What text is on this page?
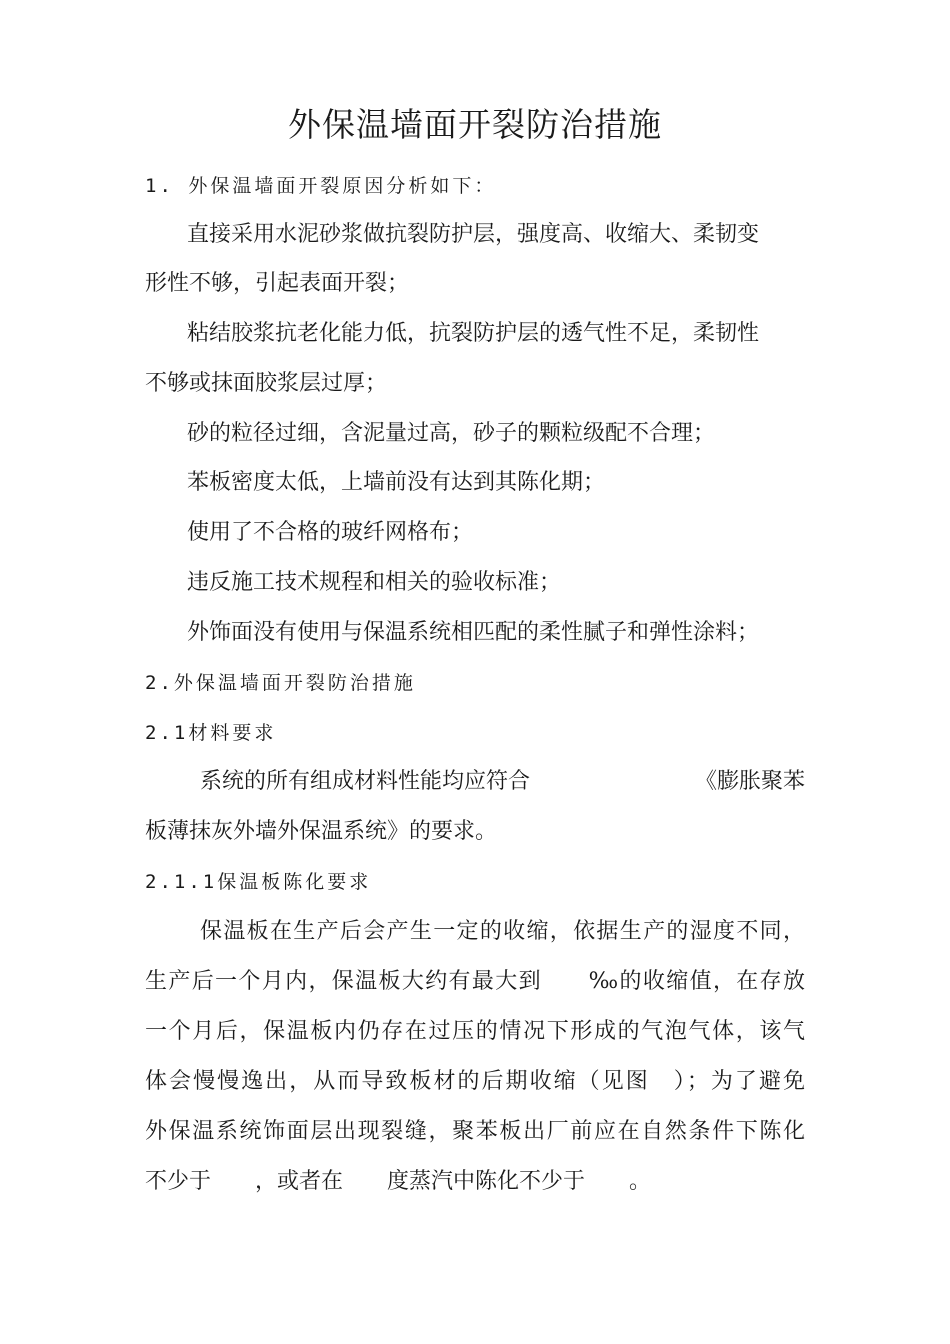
外保温墙面开裂防治措施
1. 外保温墙面开裂原因分析如下：
直接采用水泥砂浆做抗裂防护层，强度高、收缩大、柔韧变
形性不够，引起表面开裂；
粘结胶浆抗老化能力低，抗裂防护层的透气性不足，柔韧性
不够或抹面胶浆层过厚；
砂的粒径过细，含泥量过高，砂子的颗粒级配不合理；
苯板密度太低，上墙前没有达到其陈化期；
使用了不合格的玻纤网格布；
违反施工技术规程和相关的验收标准；
外饰面没有使用与保温系统相匹配的柔性腻子和弹性涂料；
2.外保温墙面开裂防治措施
2.1材料要求
系统的所有组成材料性能均应符合	《膨胀聚苯
板薄抹灰外墙外保温系统》的要求。
2.1.1保温板陈化要求
保温板在生产后会产生一定的收缩，依据生产的湿度不同，
生产后一个月内，保温板大约有最大到　　‰的收缩值，在存放
一个月后，保温板内仍存在过压的情况下形成的气泡气体，该气
体会慢慢逸出，从而导致板材的后期收缩（见图　）；为了避免
外保温系统饰面层出现裂缝，聚苯板出厂前应在自然条件下陈化
不少于　　，或者在　　度蒸汽中陈化不少于　　。
